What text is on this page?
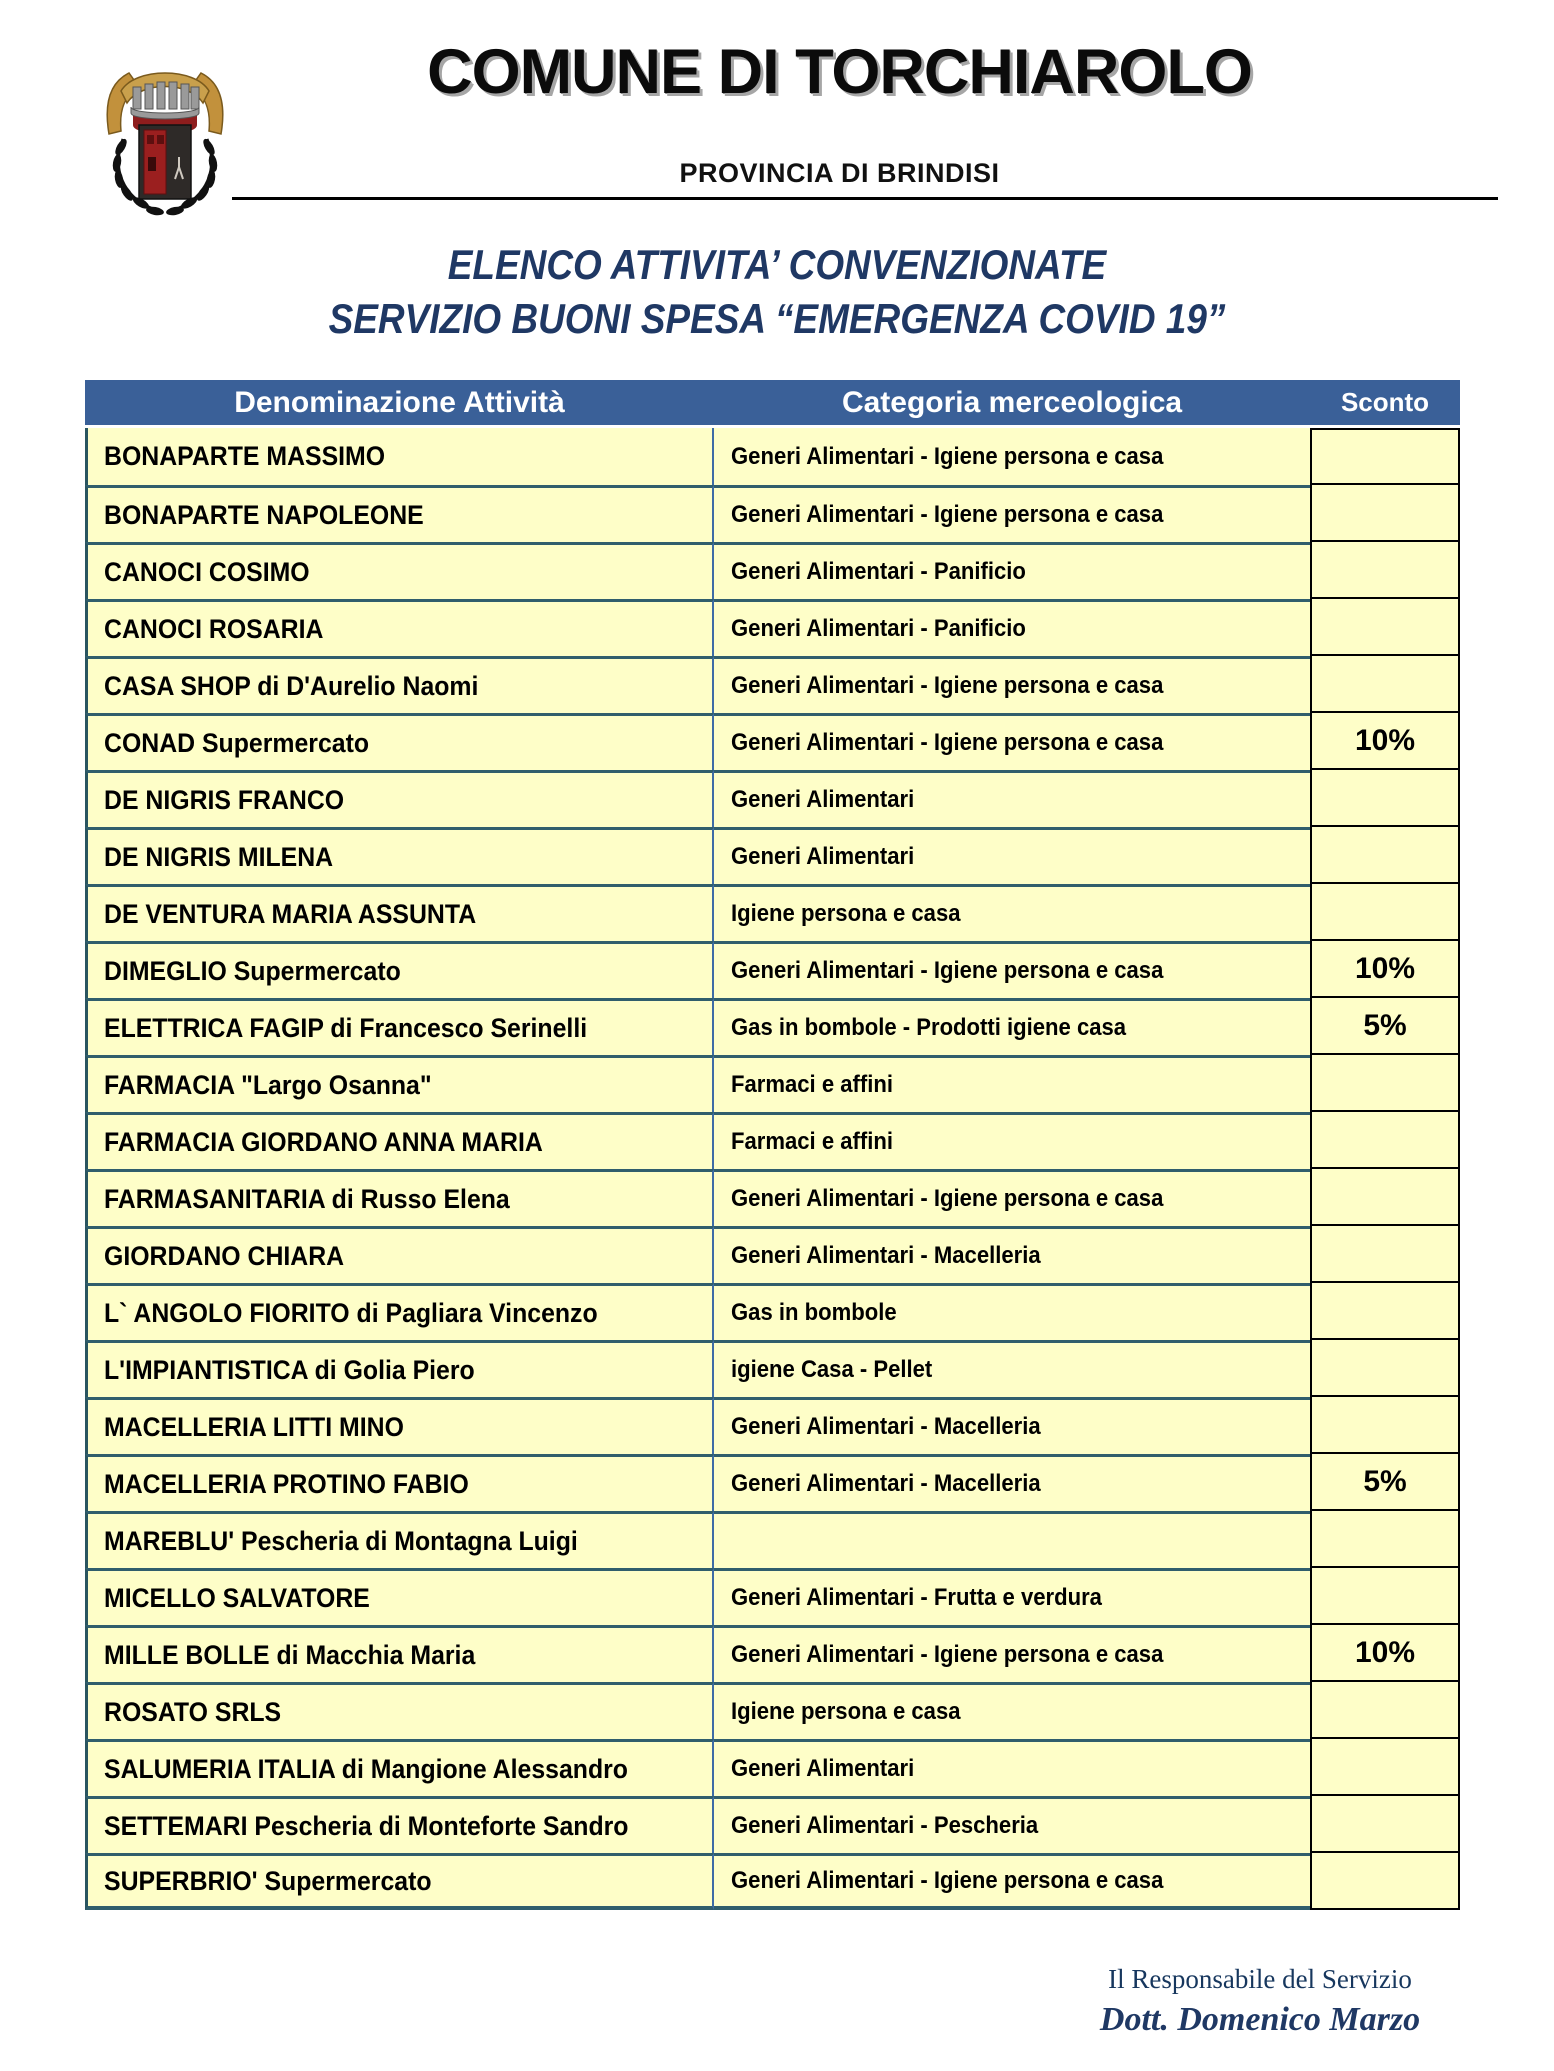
COMUNE DI TORCHIAROLO
PROVINCIA DI BRINDISI
ELENCO ATTIVITA’ CONVENZIONATE
SERVIZIO BUONI SPESA “EMERGENZA COVID 19”
Denominazione Attività	Categoria merceologica	Sconto
BONAPARTE MASSIMO	Generi Alimentari - Igiene persona e casa
BONAPARTE NAPOLEONE	Generi Alimentari - Igiene persona e casa
CANOCI COSIMO	Generi Alimentari - Panificio
CANOCI ROSARIA	Generi Alimentari - Panificio
CASA SHOP di D'Aurelio Naomi	Generi Alimentari - Igiene persona e casa
CONAD Supermercato	Generi Alimentari - Igiene persona e casa	10%
DE NIGRIS FRANCO	Generi Alimentari
DE NIGRIS MILENA	Generi Alimentari
DE VENTURA MARIA ASSUNTA	Igiene persona e casa
DIMEGLIO Supermercato	Generi Alimentari - Igiene persona e casa	10%
ELETTRICA FAGIP di Francesco Serinelli	Gas in bombole - Prodotti igiene casa	5%
FARMACIA "Largo Osanna"	Farmaci e affini
FARMACIA GIORDANO ANNA MARIA	Farmaci e affini
FARMASANITARIA di Russo Elena	Generi Alimentari - Igiene persona e casa
GIORDANO CHIARA	Generi Alimentari - Macelleria
L` ANGOLO FIORITO di Pagliara Vincenzo	Gas in bombole
L'IMPIANTISTICA di Golia Piero	igiene Casa - Pellet
MACELLERIA LITTI MINO	Generi Alimentari - Macelleria
MACELLERIA PROTINO FABIO	Generi Alimentari - Macelleria	5%
MAREBLU' Pescheria di Montagna Luigi
MICELLO SALVATORE	Generi Alimentari - Frutta e verdura
MILLE BOLLE di Macchia Maria	Generi Alimentari - Igiene persona e casa	10%
ROSATO SRLS	Igiene persona e casa
SALUMERIA ITALIA di Mangione Alessandro	Generi Alimentari
SETTEMARI Pescheria di Monteforte Sandro	Generi Alimentari - Pescheria
SUPERBRIO' Supermercato	Generi Alimentari - Igiene persona e casa
Il Responsabile del Servizio
Dott. Domenico Marzo
